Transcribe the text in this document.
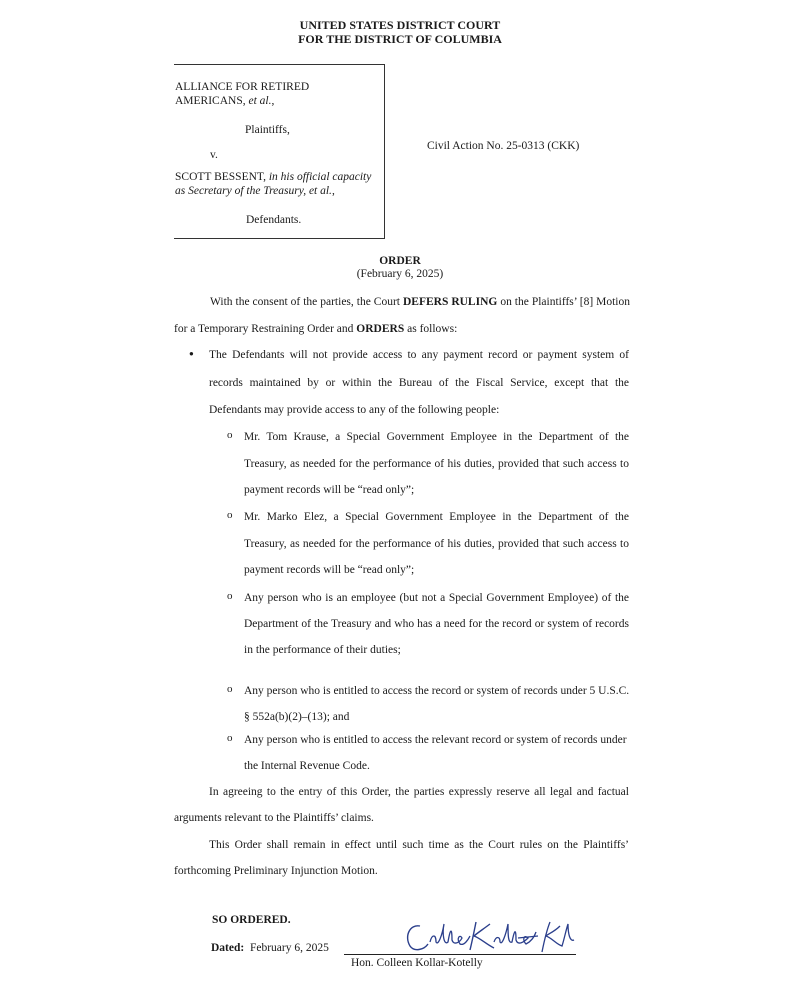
UNITED STATES DISTRICT COURT
FOR THE DISTRICT OF COLUMBIA
ALLIANCE FOR RETIRED
AMERICANS, et al.,
Plaintiffs,
v.
SCOTT BESSENT, in his official capacity
as Secretary of the Treasury, et al.,
Defendants.
Civil Action No. 25-0313 (CKK)
ORDER
(February 6, 2025)
With the consent of the parties, the Court DEFERS RULING on the Plaintiffs’ [8] Motion
for a Temporary Restraining Order and ORDERS as follows:
● The Defendants will not provide access to any payment record or payment system of
records maintained by or within the Bureau of the Fiscal Service, except that the
Defendants may provide access to any of the following people:
o Mr. Tom Krause, a Special Government Employee in the Department of the
Treasury, as needed for the performance of his duties, provided that such access to
payment records will be “read only”;
o Mr. Marko Elez, a Special Government Employee in the Department of the
Treasury, as needed for the performance of his duties, provided that such access to
payment records will be “read only”;
o Any person who is an employee (but not a Special Government Employee) of the
Department of the Treasury and who has a need for the record or system of records
in the performance of their duties;
o Any person who is entitled to access the record or system of records under 5 U.S.C.
§ 552a(b)(2)–(13); and
o Any person who is entitled to access the relevant record or system of records under
the Internal Revenue Code.
In agreeing to the entry of this Order, the parties expressly reserve all legal and factual
arguments relevant to the Plaintiffs’ claims.
This Order shall remain in effect until such time as the Court rules on the Plaintiffs’
forthcoming Preliminary Injunction Motion.
SO ORDERED.
Dated: February 6, 2025
Hon. Colleen Kollar-Kotelly
